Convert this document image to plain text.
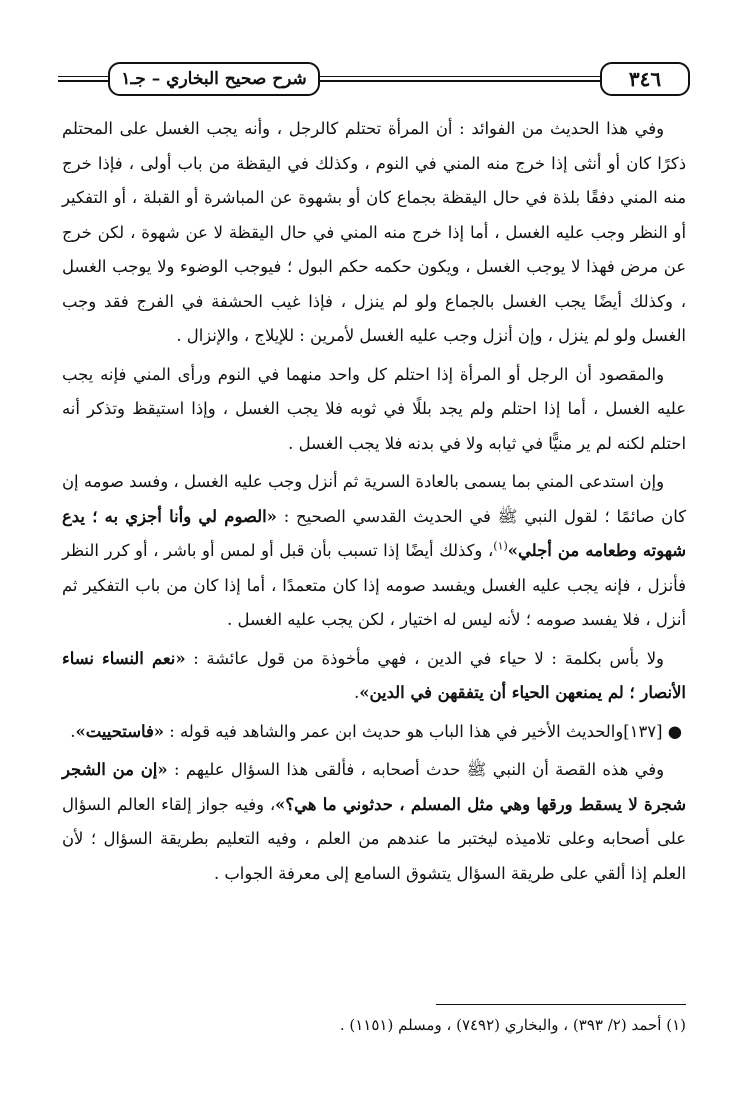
٣٤٦
شرح صحيح البخاري – جـ١

وفي هذا الحديث من الفوائد : أن المرأة تحتلم كالرجل ، وأنه يجب الغسل على المحتلم ذكرًا كان أو أنثى إذا خرج منه المني في النوم ، وكذلك في اليقظة من باب أولى ، فإذا خرج منه المني دفقًا بلذة في حال اليقظة بجماع كان أو بشهوة عن المباشرة أو القبلة ، أو التفكير أو النظر وجب عليه الغسل ، أما إذا خرج منه المني في حال اليقظة لا عن شهوة ، لكن خرج عن مرض فهذا لا يوجب الغسل ، ويكون حكمه حكم البول ؛ فيوجب الوضوء ولا يوجب الغسل ، وكذلك أيضًا يجب الغسل بالجماع ولو لم ينزل ، فإذا غيب الحشفة في الفرج فقد وجب الغسل ولو لم ينزل ، وإن أنزل وجب عليه الغسل لأمرين : للإيلاج ، والإنزال .

والمقصود أن الرجل أو المرأة إذا احتلم كل واحد منهما في النوم ورأى المني فإنه يجب عليه الغسل ، أما إذا احتلم ولم يجد بللًا في ثوبه فلا يجب الغسل ، وإذا استيقظ وتذكر أنه احتلم لكنه لم ير منيًّا في ثيابه ولا في بدنه فلا يجب الغسل .

وإن استدعى المني بما يسمى بالعادة السرية ثم أنزل وجب عليه الغسل ، وفسد صومه إن كان صائمًا ؛ لقول النبي ﷺ في الحديث القدسي الصحيح : «الصوم لي وأنا أجزي به ؛ يدع شهوته وطعامه من أجلي»$^{(١)}$، وكذلك أيضًا إذا تسبب بأن قبل أو لمس أو باشر ، أو كرر النظر فأنزل ، فإنه يجب عليه الغسل ويفسد صومه إذا كان متعمدًا ، أما إذا كان من باب التفكير ثم أنزل ، فلا يفسد صومه ؛ لأنه ليس له اختيار ، لكن يجب عليه الغسل .

ولا بأس بكلمة : لا حياء في الدين ، فهي مأخوذة من قول عائشة : «نعم النساء نساء الأنصار ؛ لم يمنعهن الحياء أن يتفقهن في الدين».

● [١٣٧]والحديث الأخير في هذا الباب هو حديث ابن عمر والشاهد فيه قوله : «فاستحييت».

وفي هذه القصة أن النبي ﷺ حدث أصحابه ، فألقى هذا السؤال عليهم : «إن من الشجر شجرة لا يسقط ورقها وهي مثل المسلم ، حدثوني ما هي؟»، وفيه جواز إلقاء العالم السؤال على أصحابه وعلى تلاميذه ليختبر ما عندهم من العلم ، وفيه التعليم بطريقة السؤال ؛ لأن العلم إذا ألقي على طريقة السؤال يتشوق السامع إلى معرفة الجواب .

(١) أحمد (٢/ ٣٩٣) ، والبخاري (٧٤٩٢) ، ومسلم (١١٥١) .
